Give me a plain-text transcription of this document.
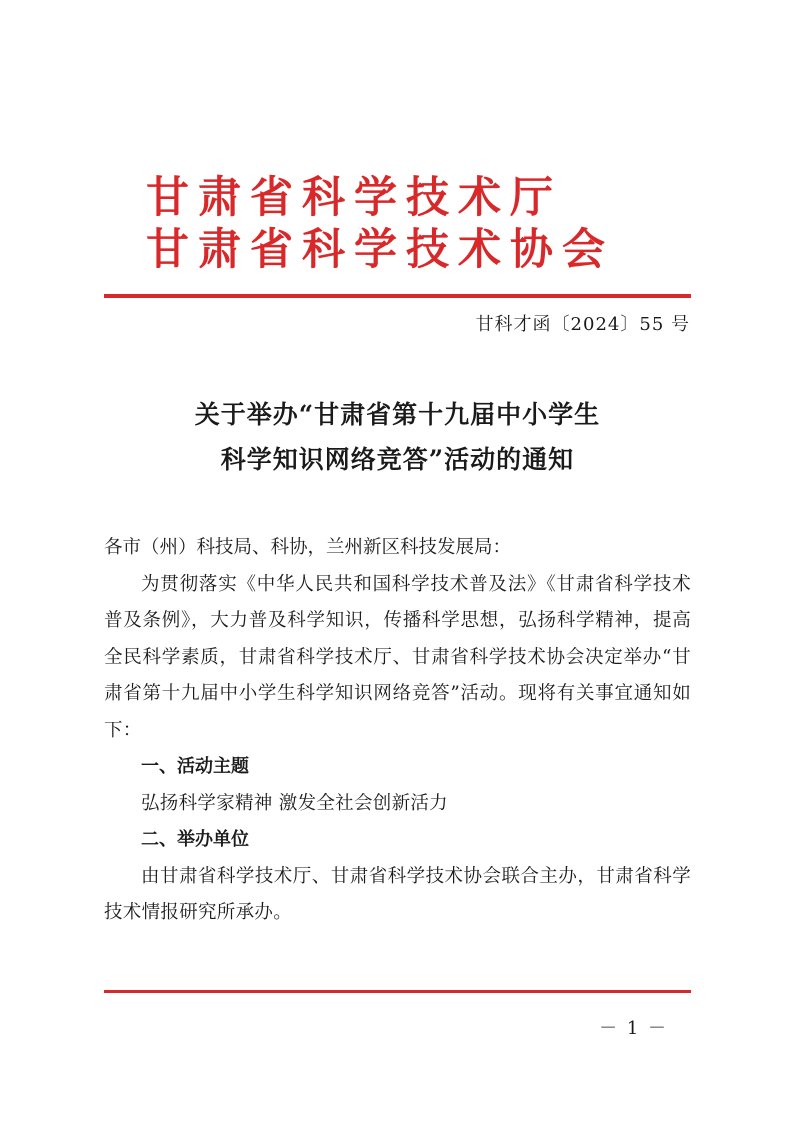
甘肃省科学技术厅
甘肃省科学技术协会
甘科才函〔2024〕55 号
关于举办“甘肃省第十九届中小学生
科学知识网络竞答”活动的通知

各市（州）科技局、科协，兰州新区科技发展局：

为贯彻落实《中华人民共和国科学技术普及法》《甘肃省科学技术普及条例》，大力普及科学知识，传播科学思想，弘扬科学精神，提高全民科学素质，甘肃省科学技术厅、甘肃省科学技术协会决定举办“甘肃省第十九届中小学生科学知识网络竞答”活动。现将有关事宜通知如下：

一、活动主题

弘扬科学家精神 激发全社会创新活力

二、举办单位

由甘肃省科学技术厅、甘肃省科学技术协会联合主办，甘肃省科学技术情报研究所承办。

－ 1 －
